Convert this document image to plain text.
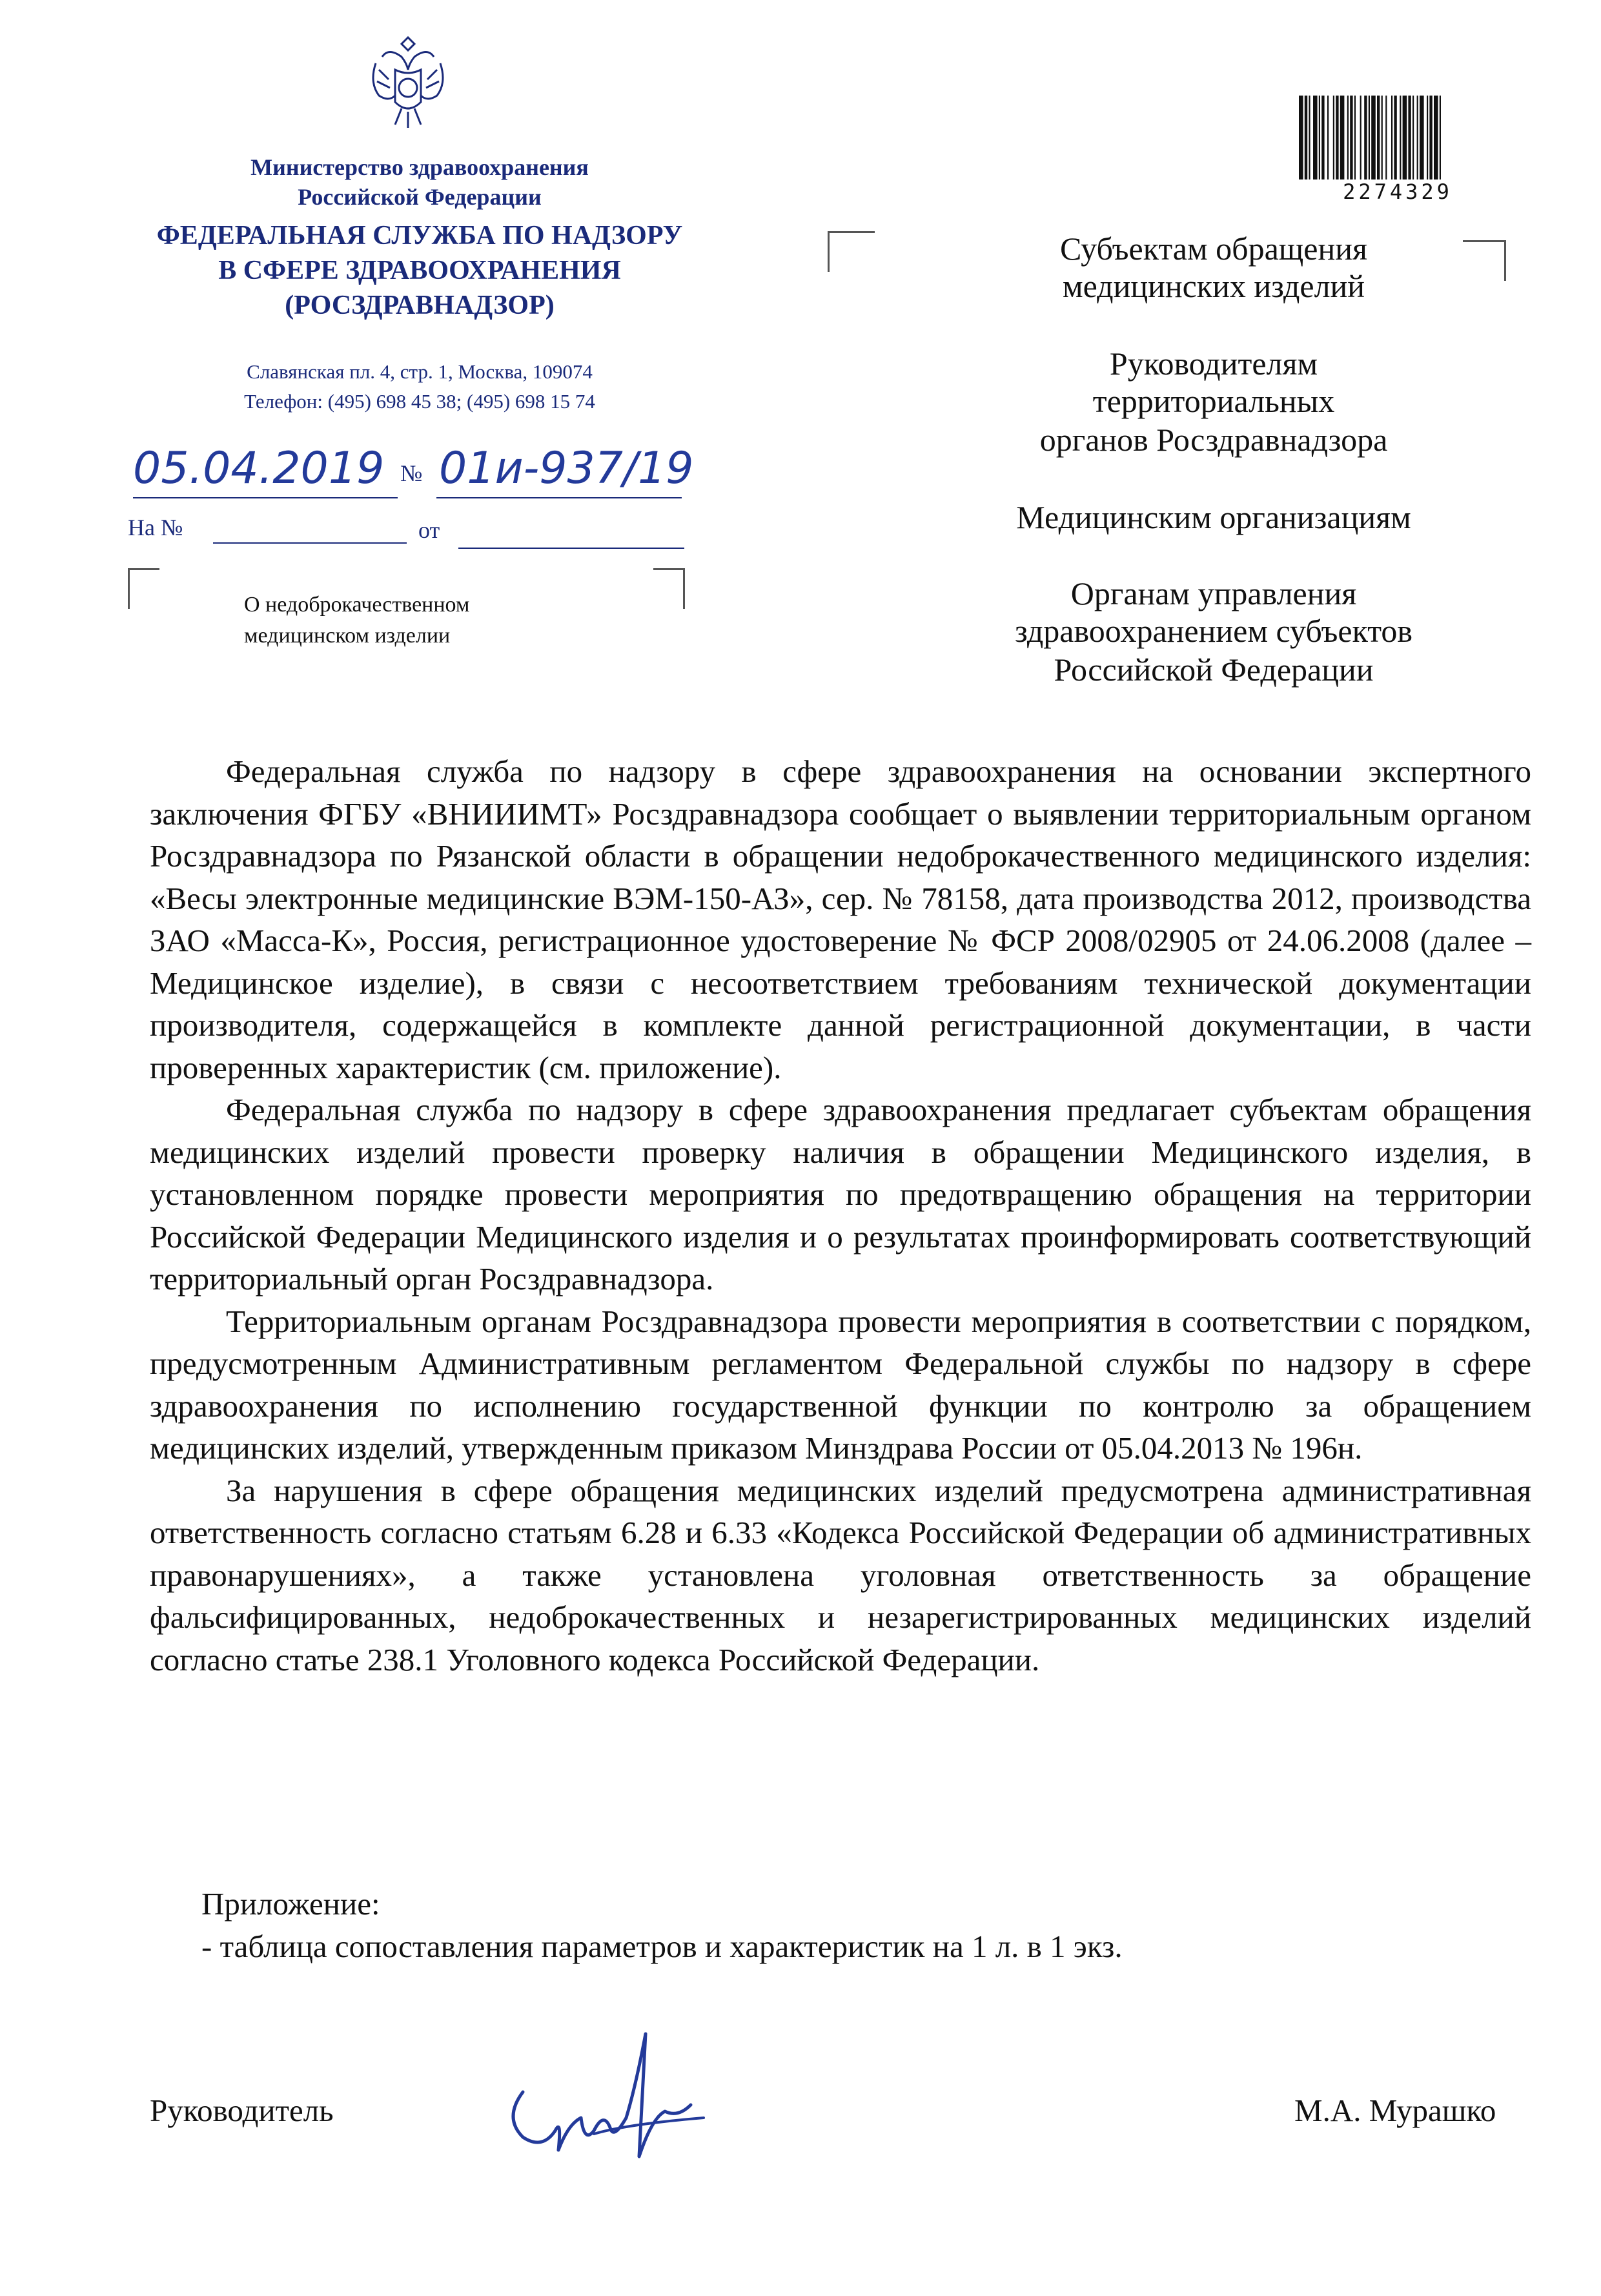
Министерство здравоохранения
Российской Федерации
ФЕДЕРАЛЬНАЯ СЛУЖБА ПО НАДЗОРУ
В СФЕРЕ ЗДРАВООХРАНЕНИЯ
(РОСЗДРАВНАДЗОР)
Славянская пл. 4, стр. 1, Москва, 109074
Телефон: (495) 698 45 38; (495) 698 15 74
05.04.2019 № 01и-937/19
На №	от
О недоброкачественном
медицинском изделии
2274329
Субъектам обращения
медицинских изделий
Руководителям
территориальных
органов Росздравнадзора
Медицинским организациям
Органам управления
здравоохранением субъектов
Российской Федерации

Федеральная служба по надзору в сфере здравоохранения на основании экспертного заключения ФГБУ «ВНИИИМТ» Росздравнадзора сообщает о выявлении территориальным органом Росздравнадзора по Рязанской области в обращении недоброкачественного медицинского изделия: «Весы электронные медицинские ВЭМ-150-АЗ», сер. № 78158, дата производства 2012, производства ЗАО «Масса-К», Россия, регистрационное удостоверение № ФСР 2008/02905 от 24.06.2008 (далее – Медицинское изделие), в связи с несоответствием требованиям технической документации производителя, содержащейся в комплекте данной регистрационной документации, в части проверенных характеристик (см. приложение).

Федеральная служба по надзору в сфере здравоохранения предлагает субъектам обращения медицинских изделий провести проверку наличия в обращении Медицинского изделия, в установленном порядке провести мероприятия по предотвращению обращения на территории Российской Федерации Медицинского изделия и о результатах проинформировать соответствующий территориальный орган Росздравнадзора.

Территориальным органам Росздравнадзора провести мероприятия в соответствии с порядком, предусмотренным Административным регламентом Федеральной службы по надзору в сфере здравоохранения по исполнению государственной функции по контролю за обращением медицинских изделий, утвержденным приказом Минздрава России от 05.04.2013 № 196н.

За нарушения в сфере обращения медицинских изделий предусмотрена административная ответственность согласно статьям 6.28 и 6.33 «Кодекса Российской Федерации об административных правонарушениях», а также установлена уголовная ответственность за обращение фальсифицированных, недоброкачественных и незарегистрированных медицинских изделий согласно статье 238.1 Уголовного кодекса Российской Федерации.

Приложение:
- таблица сопоставления параметров и характеристик на 1 л. в 1 экз.
Руководитель	М.А. Мурашко
